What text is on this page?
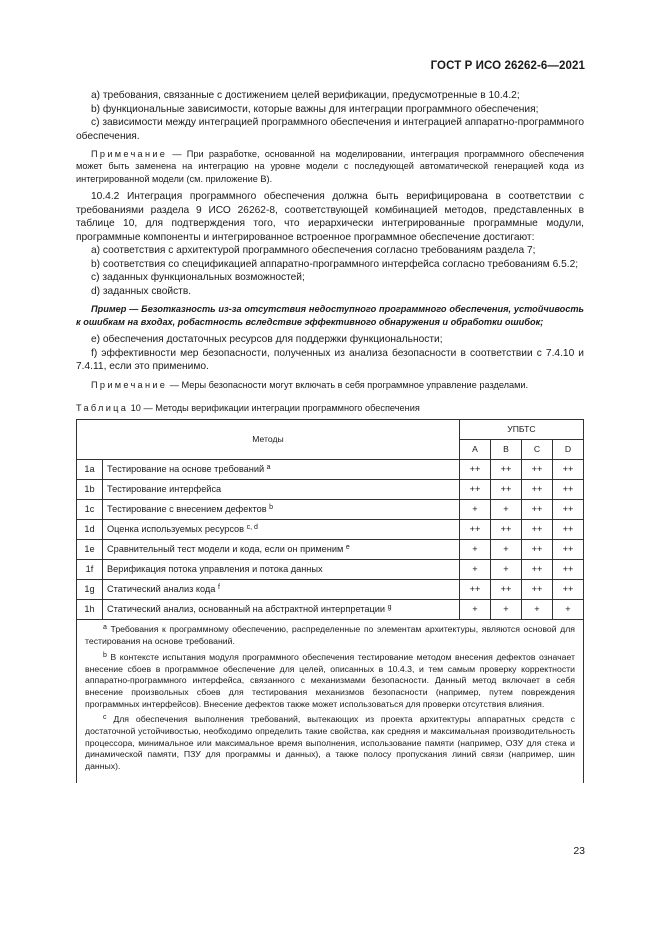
ГОСТ Р ИСО 26262-6—2021

a) требования, связанные с достижением целей верификации, предусмотренные в 10.4.2;

b) функциональные зависимости, которые важны для интеграции программного обеспечения;

c) зависимости между интеграцией программного обеспечения и интеграцией аппаратно-программного обеспечения.

Примечание — При разработке, основанной на моделировании, интеграция программного обеспечения может быть заменена на интеграцию на уровне модели с последующей автоматической генерацией кода из интегрированной модели (см. приложение В).

10.4.2 Интеграция программного обеспечения должна быть верифицирована в соответствии с требованиями раздела 9 ИСО 26262-8, соответствующей комбинацией методов, представленных в таблице 10, для подтверждения того, что иерархически интегрированные программные модули, программные компоненты и интегрированное встроенное программное обеспечение достигают:

a) соответствия с архитектурой программного обеспечения согласно требованиям раздела 7;

b) соответствия со спецификацией аппаратно-программного интерфейса согласно требованиям 6.5.2;

c) заданных функциональных возможностей;

d) заданных свойств.

Пример — Безотказность из-за отсутствия недоступного программного обеспечения, устойчивость к ошибкам на входах, робастность вследствие эффективного обнаружения и обработки ошибок;

e) обеспечения достаточных ресурсов для поддержки функциональности;

f) эффективности мер безопасности, полученных из анализа безопасности в соответствии с 7.4.10 и 7.4.11, если это применимо.

Примечание — Меры безопасности могут включать в себя программное управление разделами.

Таблица 10 — Методы верификации интеграции программного обеспечения
Методы		УПБТС			
		A	B	C	D
1a	Тестирование на основе требований $^a$	++	++	++	++
1b	Тестирование интерфейса	++	++	++	++
1c	Тестирование с внесением дефектов $^b$	+	+	++	++
1d	Оценка используемых ресурсов $^{c, d}$	++	++	++	++
1e	Сравнительный тест модели и кода, если он применим $^e$	+	+	++	++
1f	Верификация потока управления и потока данных	+	+	++	++
1g	Статический анализ кода $^f$	++	++	++	++
1h	Статический анализ, основанный на абстрактной интерпретации $^g$	+	+	+	+

$^a$ Требования к программному обеспечению, распределенные по элементам архитектуры, являются основой для тестирования на основе требований.

$^b$ В контексте испытания модуля программного обеспечения тестирование методом внесения дефектов означает внесение сбоев в программное обеспечение для целей, описанных в 10.4.3, и тем самым проверку корректности аппаратно-программного интерфейса, связанного с механизмами безопасности. Данный метод включает в себя внесение произвольных сбоев для тестирования механизмов безопасности (например, путем повреждения программных интерфейсов). Внесение дефектов также может использоваться для проверки отсутствия влияния.

$^c$ Для обеспечения выполнения требований, вытекающих из проекта архитектуры аппаратных средств с достаточной устойчивостью, необходимо определить такие свойства, как средняя и максимальная производительность процессора, минимальное или максимальное время выполнения, использование памяти (например, ОЗУ для стека и динамической памяти, ПЗУ для программы и данных), а также полосу пропускания линий связи (например, шин данных).					

23
